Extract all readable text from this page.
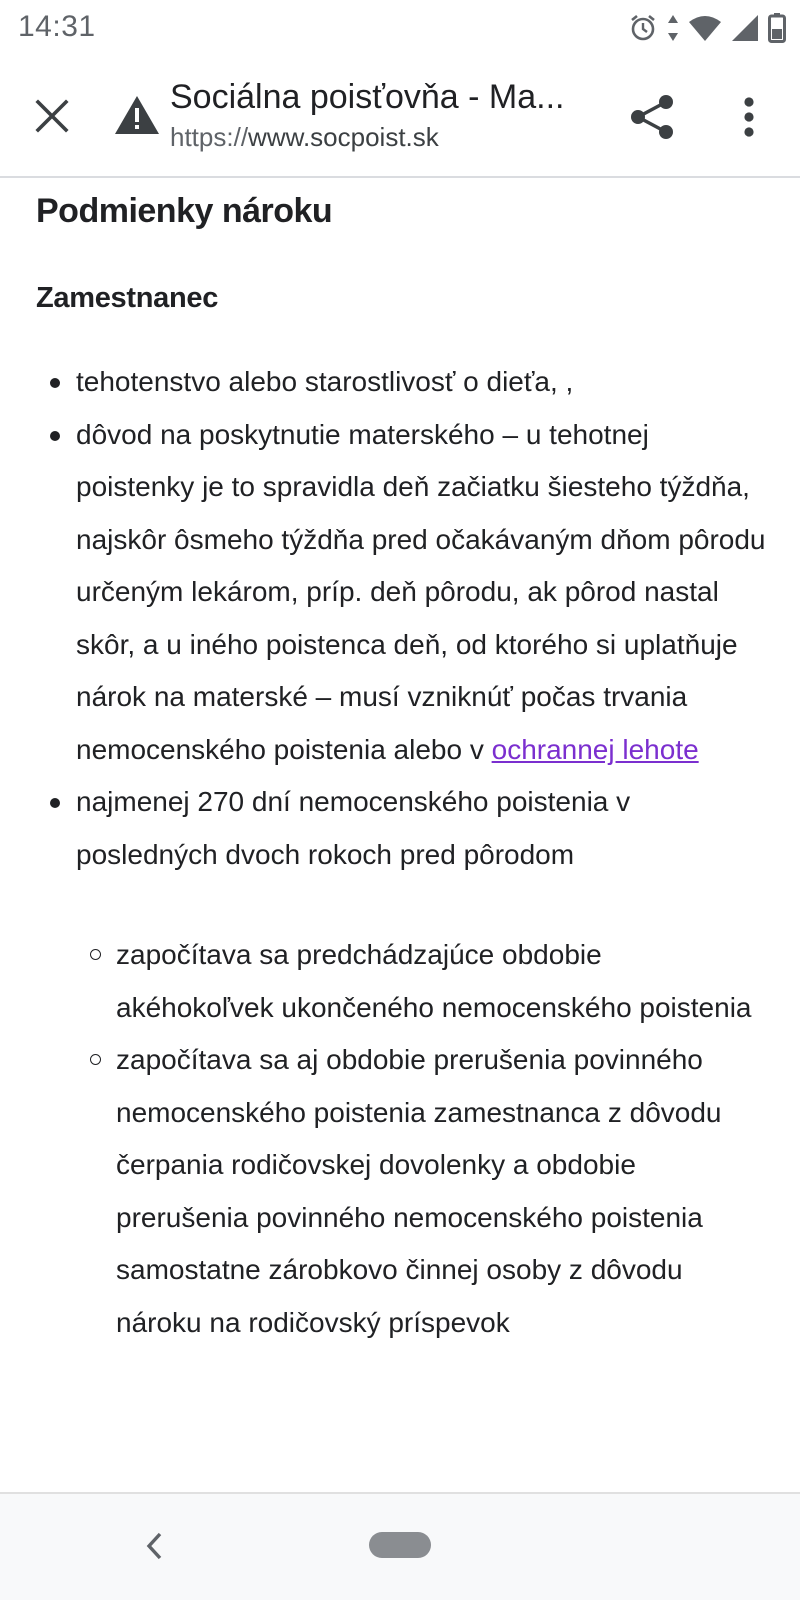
14:31
Sociálna poisťovňa - Ma...
https://www.socpoist.sk
Podmienky nároku
Zamestnanec
tehotenstvo alebo starostlivosť o dieťa, ,
dôvod na poskytnutie materského – u tehotnej poistenky je to spravidla deň začiatku šiesteho týždňa, najskôr ôsmeho týždňa pred očakávaným dňom pôrodu určeným lekárom, príp. deň pôrodu, ak pôrod nastal skôr, a u iného poistenca deň, od ktorého si uplatňuje nárok na materské – musí vzniknúť počas trvania nemocenského poistenia alebo v ochrannej lehote
najmenej 270 dní nemocenského poistenia v posledných dvoch rokoch pred pôrodom
započítava sa predchádzajúce obdobie akéhokoľvek ukončeného nemocenského poistenia
započítava sa aj obdobie prerušenia povinného nemocenského poistenia zamestnanca z dôvodu čerpania rodičovskej dovolenky a obdobie prerušenia povinného nemocenského poistenia samostatne zárobkovo činnej osoby z dôvodu nároku na rodičovský príspevok
